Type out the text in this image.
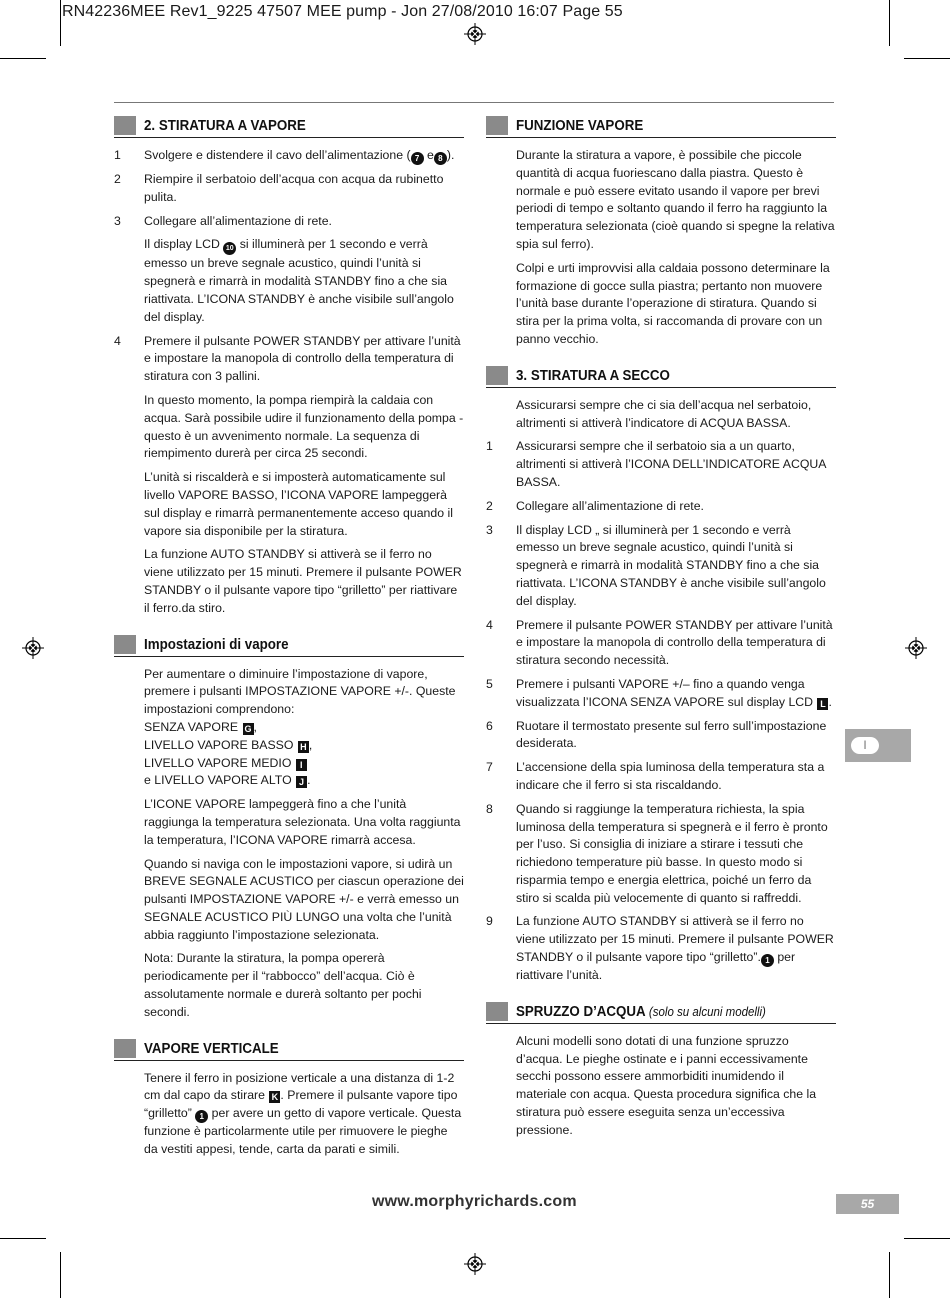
RN42236MEE Rev1_9225 47507 MEE pump - Jon 27/08/2010 16:07 Page 55
2. STIRATURA A VAPORE
1 Svolgere e distendere il cavo dell’alimentazione ( 7 e 8 ).
2 Riempire il serbatoio dell’acqua con acqua da rubinetto pulita.
3 Collegare all’alimentazione di rete.
Il display LCD 10 si illuminerà per 1 secondo e verrà emesso un breve segnale acustico, quindi l’unità si spegnerà e rimarrà in modalità STANDBY fino a che sia riattivata. L’ICONA STANDBY è anche visibile sull’angolo del display.
4 Premere il pulsante POWER STANDBY per attivare l’unità e impostare la manopola di controllo della temperatura di stiratura con 3 pallini.
In questo momento, la pompa riempirà la caldaia con acqua. Sarà possibile udire il funzionamento della pompa - questo è un avvenimento normale. La sequenza di riempimento durerà per circa 25 secondi.
L’unità si riscalderà e si imposterà automaticamente sul livello VAPORE BASSO, l’ICONA VAPORE lampeggerà sul display e rimarrà permanentemente acceso quando il vapore sia disponibile per la stiratura.
La funzione AUTO STANDBY si attiverà se il ferro no viene utilizzato per 15 minuti. Premere il pulsante POWER STANDBY o il pulsante vapore tipo “grilletto” per riattivare il ferro.da stiro.
Impostazioni di vapore
Per aumentare o diminuire l’impostazione di vapore, premere i pulsanti IMPOSTAZIONE VAPORE +/-. Queste impostazioni comprendono:
SENZA VAPORE G ,
LIVELLO VAPORE BASSO H ,
LIVELLO VAPORE MEDIO I
e LIVELLO VAPORE ALTO J .
L’ICONE VAPORE lampeggerà fino a che l’unità raggiunga la temperatura selezionata. Una volta raggiunta la temperatura, l’ICONA VAPORE rimarrà accesa.
Quando si naviga con le impostazioni vapore, si udirà un BREVE SEGNALE ACUSTICO per ciascun operazione dei pulsanti IMPOSTAZIONE VAPORE +/- e verrà emesso un SEGNALE ACUSTICO PIÙ LUNGO una volta che l’unità abbia raggiunto l’impostazione selezionata.
Nota: Durante la stiratura, la pompa opererà periodicamente per il “rabbocco” dell’acqua. Ciò è assolutamente normale e durerà soltanto per pochi secondi.
VAPORE VERTICALE
Tenere il ferro in posizione verticale a una distanza di 1-2 cm dal capo da stirare K . Premere il pulsante vapore tipo “grilletto” 1 per avere un getto di vapore verticale. Questa funzione è particolarmente utile per rimuovere le pieghe da vestiti appesi, tende, carta da parati e simili.
FUNZIONE VAPORE
Durante la stiratura a vapore, è possibile che piccole quantità di acqua fuoriescano dalla piastra. Questo è normale e può essere evitato usando il vapore per brevi periodi di tempo e soltanto quando il ferro ha raggiunto la temperatura selezionata (cioè quando si spegne la relativa spia sul ferro).
Colpi e urti improvvisi alla caldaia possono determinare la formazione di gocce sulla piastra; pertanto non muovere l’unità base durante l’operazione di stiratura. Quando si stira per la prima volta, si raccomanda di provare con un panno vecchio.
3. STIRATURA A SECCO
Assicurarsi sempre che ci sia dell’acqua nel serbatoio, altrimenti si attiverà l’indicatore di ACQUA BASSA.
1 Assicurarsi sempre che il serbatoio sia a un quarto, altrimenti si attiverà l’ICONA DELL’INDICATORE ACQUA BASSA.
2 Collegare all’alimentazione di rete.
3 Il display LCD „ si illuminerà per 1 secondo e verrà emesso un breve segnale acustico, quindi l’unità si spegnerà e rimarrà in modalità STANDBY fino a che sia riattivata. L’ICONA STANDBY è anche visibile sull’angolo del display.
4 Premere il pulsante POWER STANDBY per attivare l’unità e impostare la manopola di controllo della temperatura di stiratura secondo necessità.
5 Premere i pulsanti VAPORE +/– fino a quando venga visualizzata l’ICONA SENZA VAPORE sul display LCD L .
6 Ruotare il termostato presente sul ferro sull’impostazione desiderata.
7 L’accensione della spia luminosa della temperatura sta a indicare che il ferro si sta riscaldando.
8 Quando si raggiunge la temperatura richiesta, la spia luminosa della temperatura si spegnerà e il ferro è pronto per l’uso. Si consiglia di iniziare a stirare i tessuti che richiedono temperature più basse. In questo modo si risparmia tempo e energia elettrica, poiché un ferro da stiro si scalda più velocemente di quanto si raffreddi.
9 La funzione AUTO STANDBY si attiverà se il ferro no viene utilizzato per 15 minuti. Premere il pulsante POWER STANDBY o il pulsante vapore tipo “grilletto”. 1 per riattivare l’unità.
SPRUZZO D’ACQUA (solo su alcuni modelli)
Alcuni modelli sono dotati di una funzione spruzzo d’acqua. Le pieghe ostinate e i panni eccessivamente secchi possono essere ammorbiditi inumidendo il materiale con acqua. Questa procedura significa che la stiratura può essere eseguita senza un’eccessiva pressione.
I
www.morphyrichards.com	55
